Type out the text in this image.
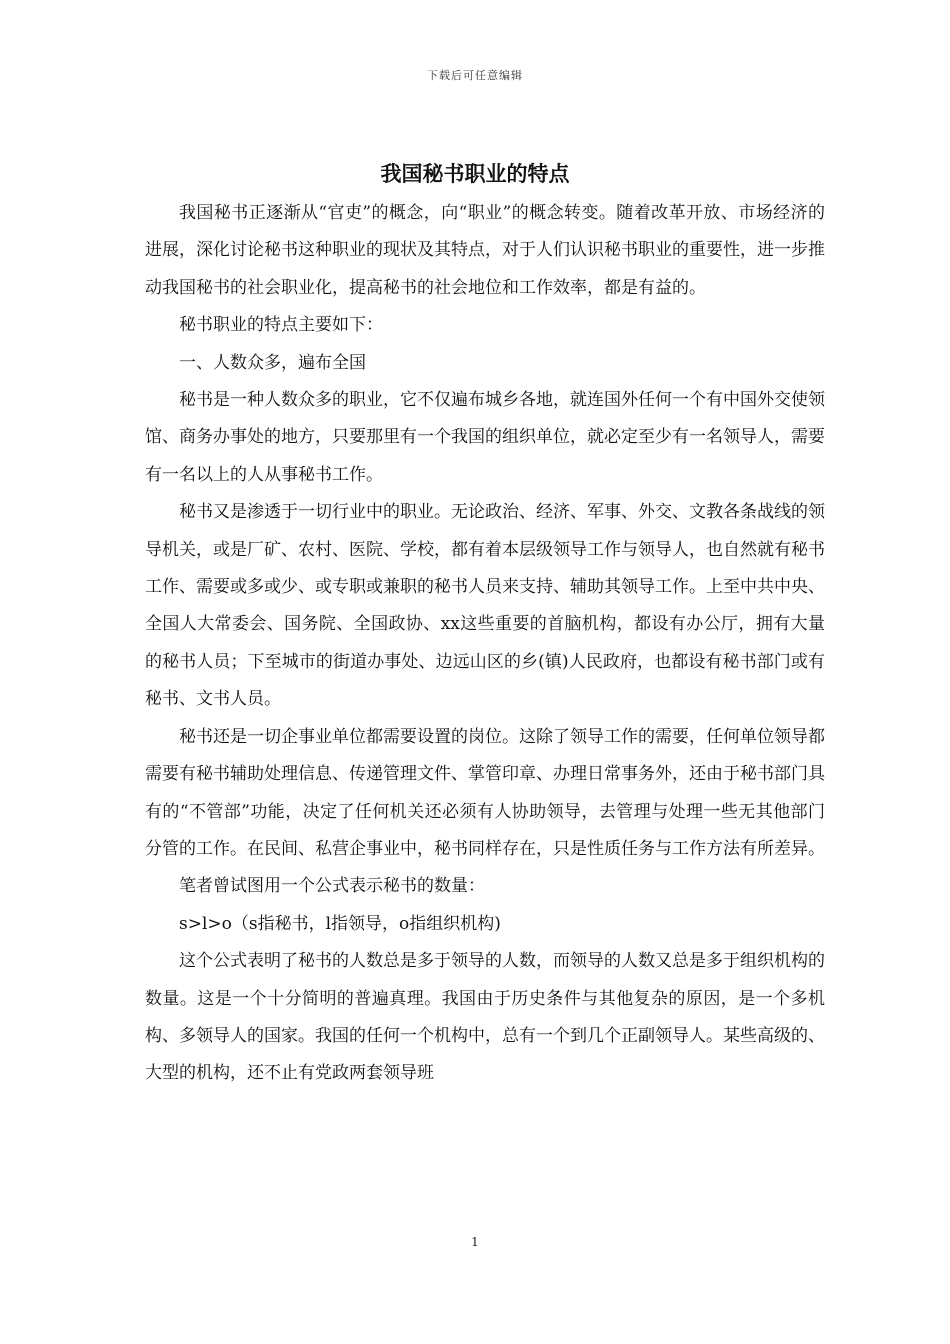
下载后可任意编辑
我国秘书职业的特点

我国秘书正逐渐从“官吏”的概念，向“职业”的概念转变。随着改革开放、市场经济的进展，深化讨论秘书这种职业的现状及其特点，对于人们认识秘书职业的重要性，进一步推动我国秘书的社会职业化，提高秘书的社会地位和工作效率，都是有益的。

秘书职业的特点主要如下：

一、人数众多，遍布全国

秘书是一种人数众多的职业，它不仅遍布城乡各地，就连国外任何一个有中国外交使领馆、商务办事处的地方，只要那里有一个我国的组织单位，就必定至少有一名领导人，需要有一名以上的人从事秘书工作。

秘书又是渗透于一切行业中的职业。无论政治、经济、军事、外交、文教各条战线的领导机关，或是厂矿、农村、医院、学校，都有着本层级领导工作与领导人，也自然就有秘书工作、需要或多或少、或专职或兼职的秘书人员来支持、辅助其领导工作。上至中共中央、全国人大常委会、国务院、全国政协、xx这些重要的首脑机构，都设有办公厅，拥有大量的秘书人员；下至城市的街道办事处、边远山区的乡(镇)人民政府，也都设有秘书部门或有秘书、文书人员。

秘书还是一切企事业单位都需要设置的岗位。这除了领导工作的需要，任何单位领导都需要有秘书辅助处理信息、传递管理文件、掌管印章、办理日常事务外，还由于秘书部门具有的“不管部”功能，决定了任何机关还必须有人协助领导，去管理与处理一些无其他部门分管的工作。在民间、私营企事业中，秘书同样存在，只是性质任务与工作方法有所差异。

笔者曾试图用一个公式表示秘书的数量：

s>l>o（s指秘书，l指领导，o指组织机构)

这个公式表明了秘书的人数总是多于领导的人数，而领导的人数又总是多于组织机构的数量。这是一个十分简明的普遍真理。我国由于历史条件与其他复杂的原因，是一个多机构、多领导人的国家。我国的任何一个机构中，总有一个到几个正副领导人。某些高级的、大型的机构，还不止有党政两套领导班

1
